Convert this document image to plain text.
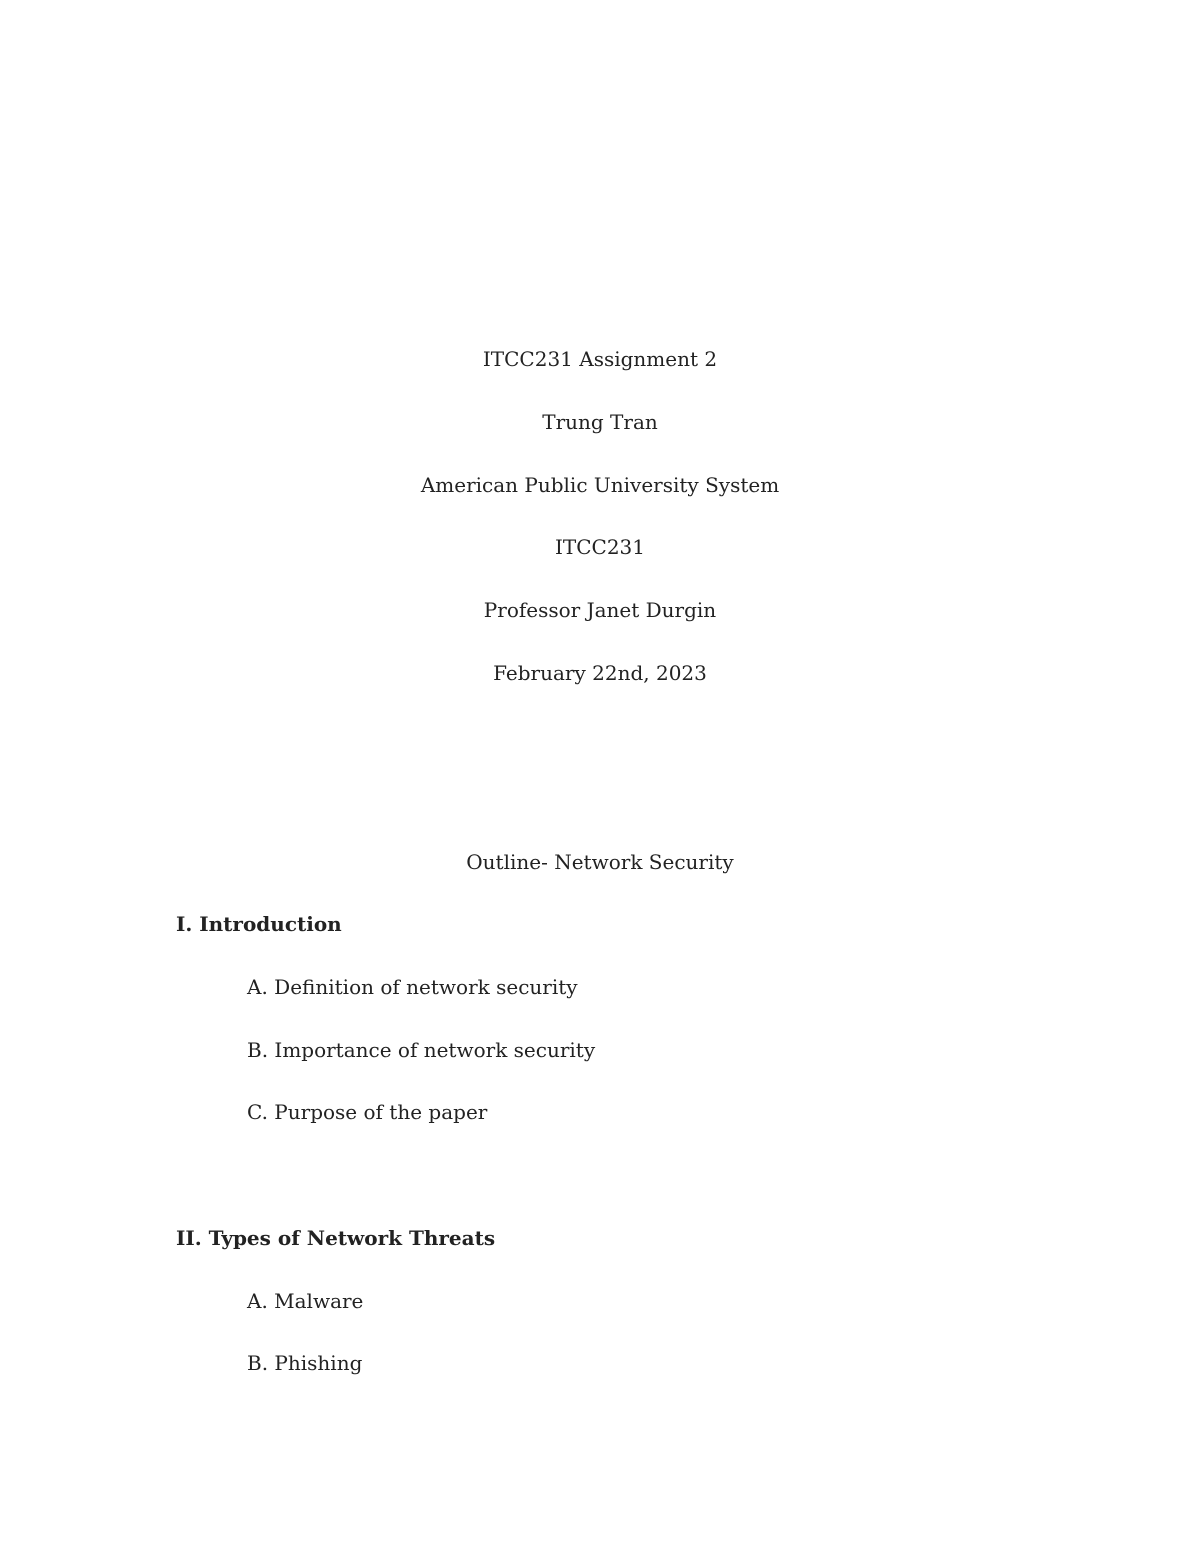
ITCC231 Assignment 2
Trung Tran
American Public University System
ITCC231
Professor Janet Durgin
February 22nd, 2023
Outline- Network Security
I. Introduction
A. Definition of network security
B. Importance of network security
C. Purpose of the paper
II. Types of Network Threats
A. Malware
B. Phishing
